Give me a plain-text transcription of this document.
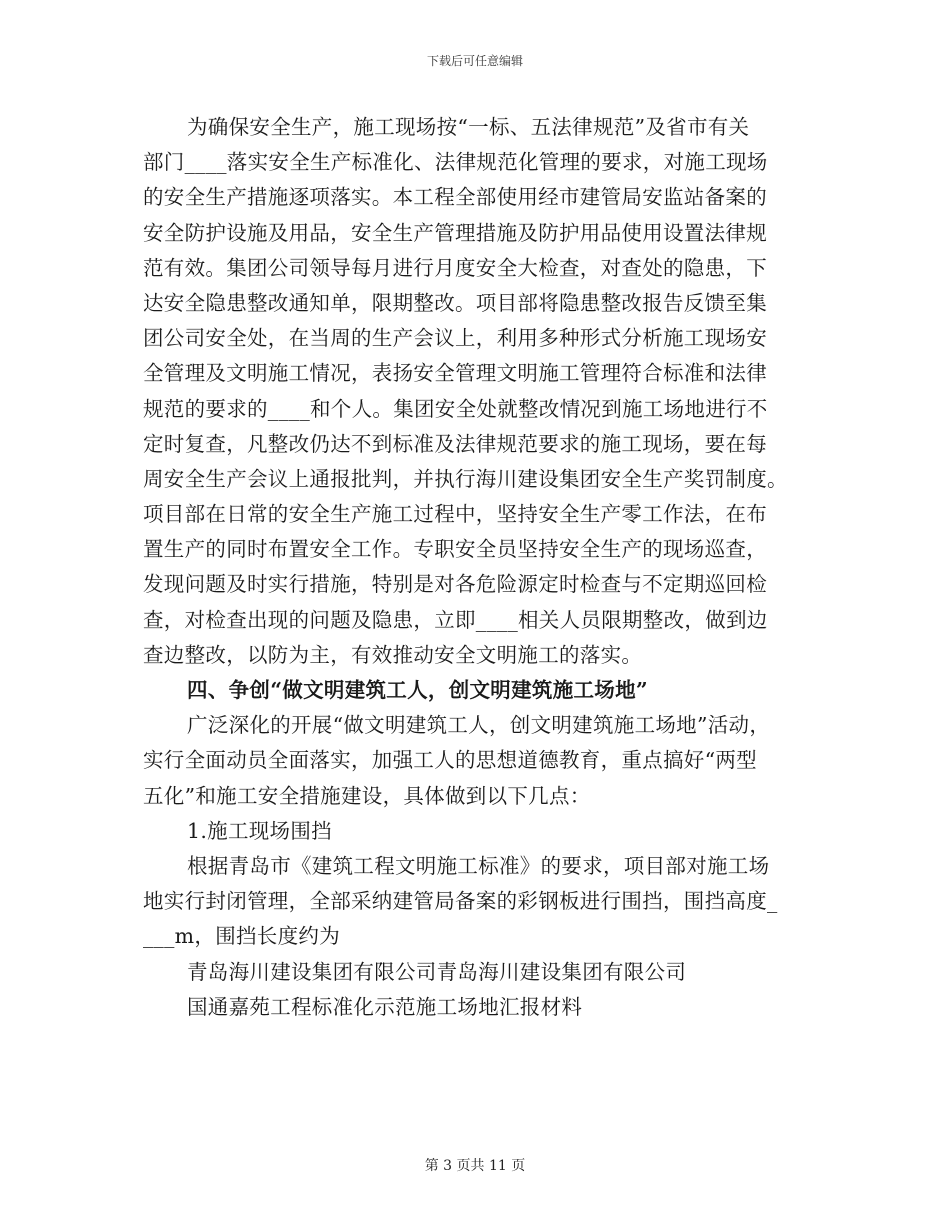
下载后可任意编辑
为确保安全生产，施工现场按“一标、五法律规范”及省市有关
部门____落实安全生产标准化、法律规范化管理的要求，对施工现场
的安全生产措施逐项落实。本工程全部使用经市建管局安监站备案的
安全防护设施及用品，安全生产管理措施及防护用品使用设置法律规
范有效。集团公司领导每月进行月度安全大检查，对查处的隐患，下
达安全隐患整改通知单，限期整改。项目部将隐患整改报告反馈至集
团公司安全处，在当周的生产会议上，利用多种形式分析施工现场安
全管理及文明施工情况，表扬安全管理文明施工管理符合标准和法律
规范的要求的____和个人。集团安全处就整改情况到施工场地进行不
定时复查，凡整改仍达不到标准及法律规范要求的施工现场，要在每
周安全生产会议上通报批判，并执行海川建设集团安全生产奖罚制度。
项目部在日常的安全生产施工过程中，坚持安全生产零工作法，在布
置生产的同时布置安全工作。专职安全员坚持安全生产的现场巡查，
发现问题及时实行措施，特别是对各危险源定时检查与不定期巡回检
查，对检查出现的问题及隐患，立即____相关人员限期整改，做到边
查边整改，以防为主，有效推动安全文明施工的落实。
四、争创“做文明建筑工人，创文明建筑施工场地”
广泛深化的开展“做文明建筑工人，创文明建筑施工场地”活动，
实行全面动员全面落实，加强工人的思想道德教育，重点搞好“两型
五化”和施工安全措施建设，具体做到以下几点：
1.施工现场围挡
根据青岛市《建筑工程文明施工标准》的要求，项目部对施工场
地实行封闭管理，全部采纳建管局备案的彩钢板进行围挡，围挡高度_
___m，围挡长度约为
青岛海川建设集团有限公司青岛海川建设集团有限公司
国通嘉苑工程标准化示范施工场地汇报材料
第 3 页共 11 页
